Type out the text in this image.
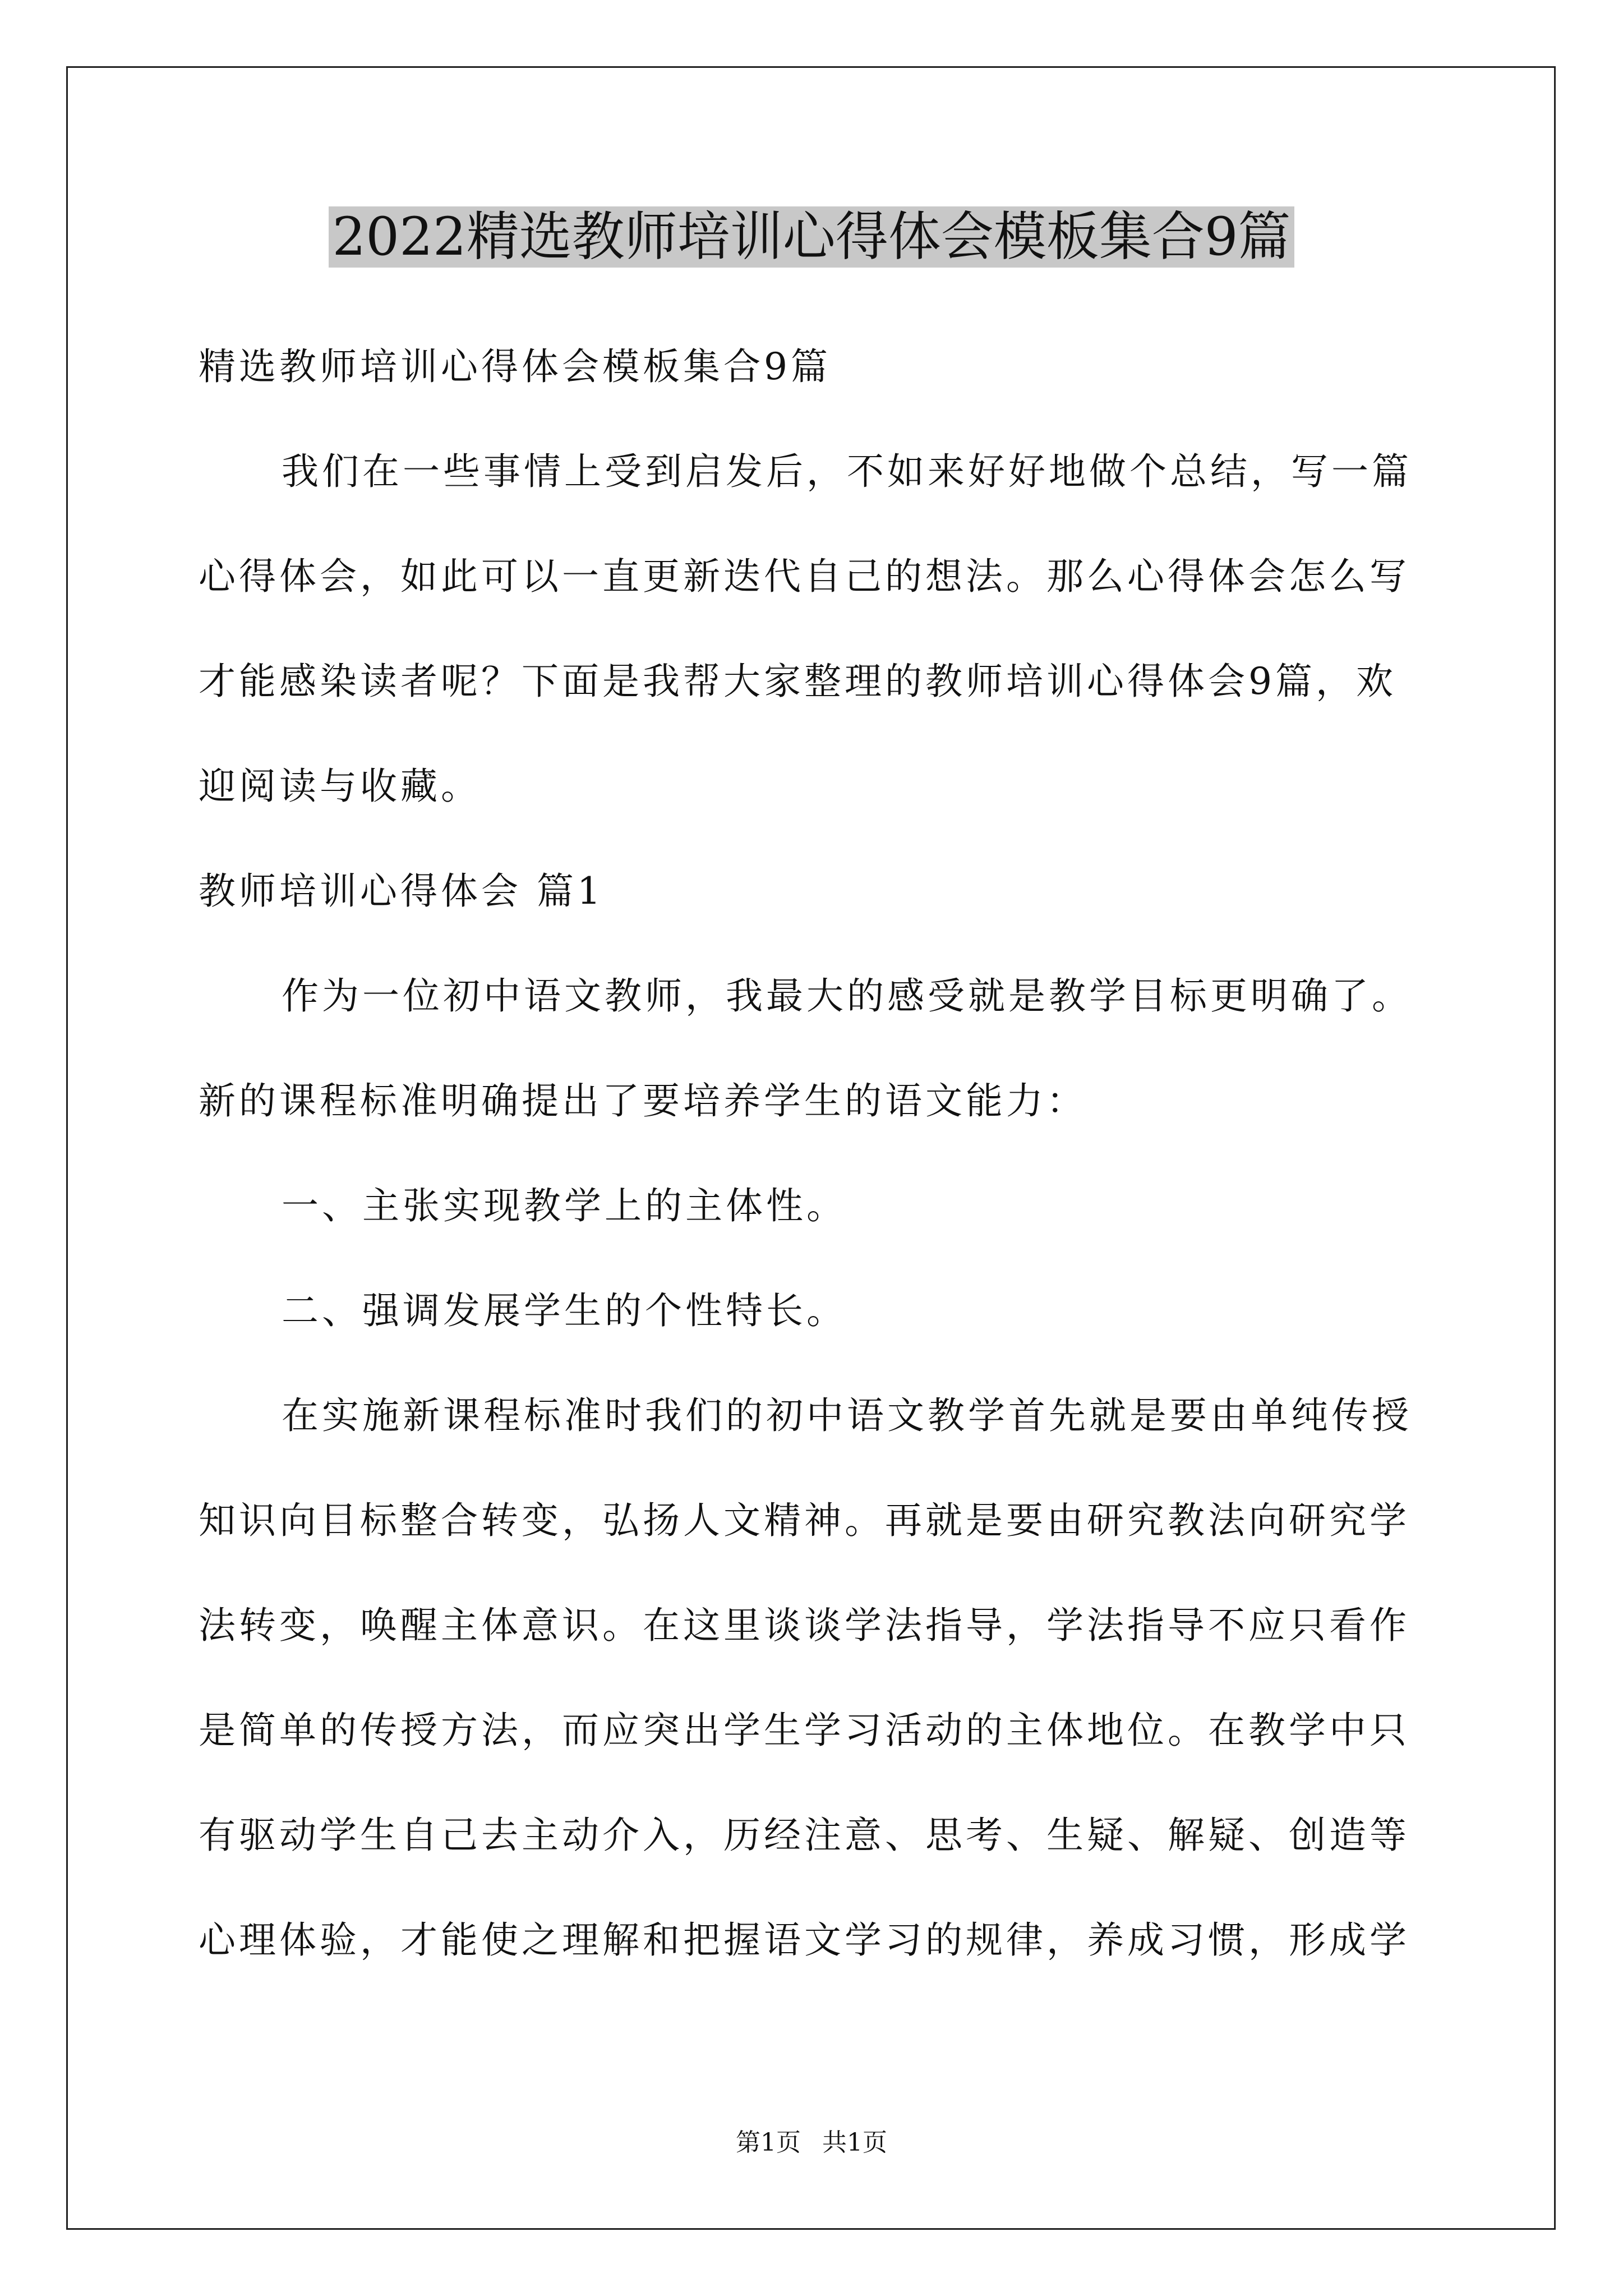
2022精选教师培训心得体会模板集合9篇

精选教师培训心得体会模板集合9篇

我们在一些事情上受到启发后，不如来好好地做个总结，写一篇心得体会，如此可以一直更新迭代自己的想法。那么心得体会怎么写才能感染读者呢？下面是我帮大家整理的教师培训心得体会9篇，欢迎阅读与收藏。

教师培训心得体会 篇1

作为一位初中语文教师，我最大的感受就是教学目标更明确了。新的课程标准明确提出了要培养学生的语文能力：

一、主张实现教学上的主体性。

二、强调发展学生的个性特长。

在实施新课程标准时我们的初中语文教学首先就是要由单纯传授知识向目标整合转变，弘扬人文精神。再就是要由研究教法向研究学法转变，唤醒主体意识。在这里谈谈学法指导，学法指导不应只看作是简单的传授方法，而应突出学生学习活动的主体地位。在教学中只有驱动学生自己去主动介入，历经注意、思考、生疑、解疑、创造等心理体验，才能使之理解和把握语文学习的规律，养成习惯，形成学

第1页 共1页
